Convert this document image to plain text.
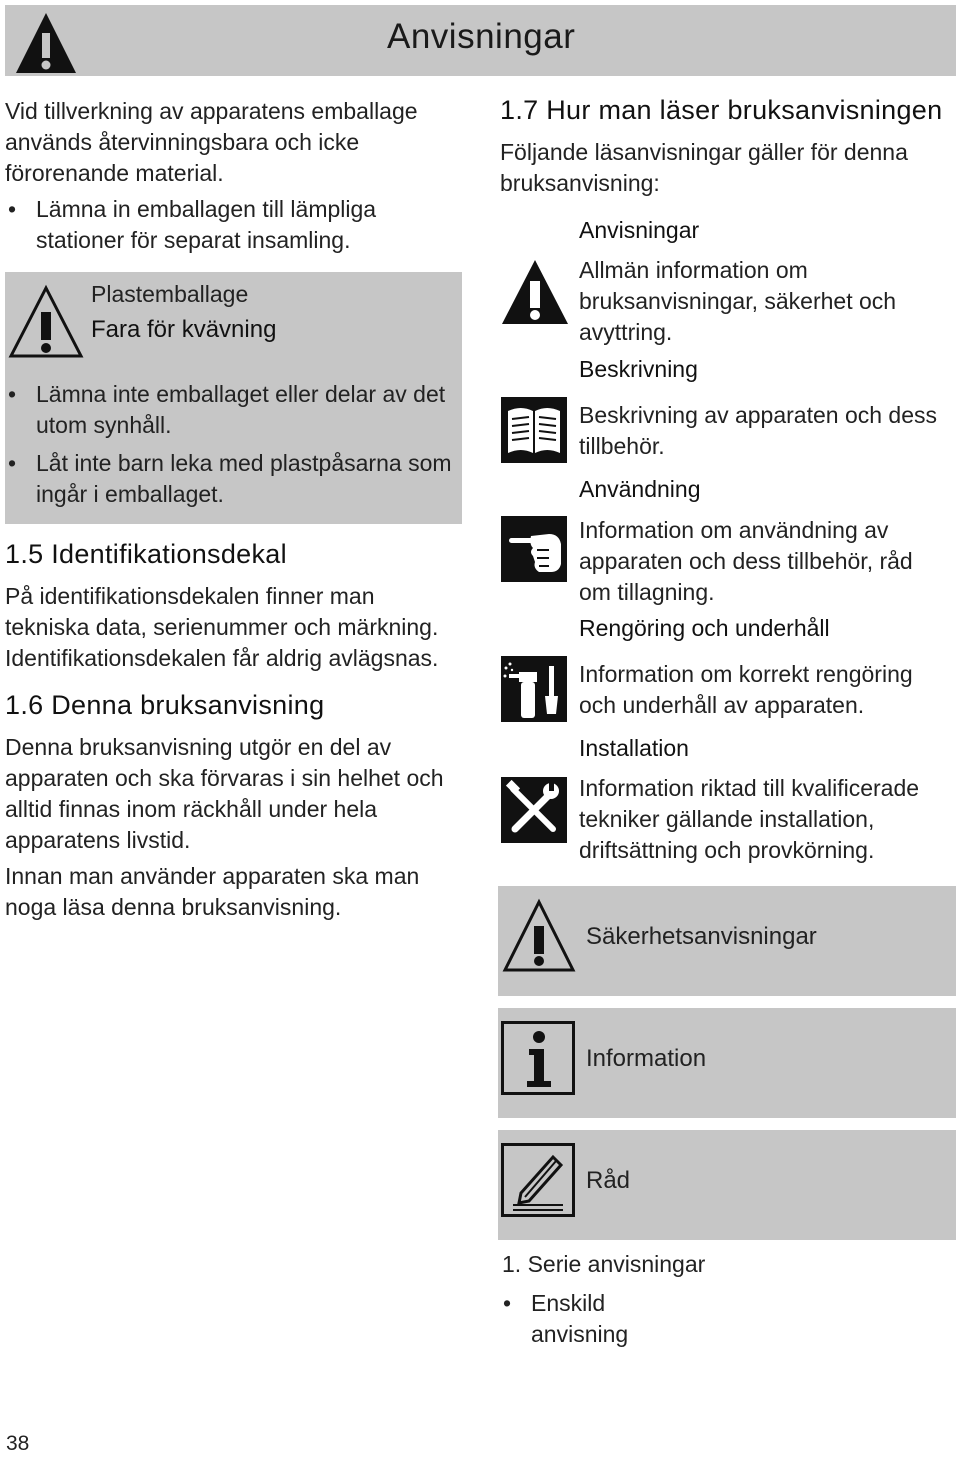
Anvisningar
Vid tillverkning av apparatens emballage
används återvinningsbara och icke
förorenande material.
• Lämna in emballagen till lämpliga
stationer för separat insamling.
Plastemballage
Fara för kvävning
• Lämna inte emballaget eller delar av det
utom synhåll.
• Låt inte barn leka med plastpåsarna som
ingår i emballaget.
1.5 Identifikationsdekal
På identifikationsdekalen finner man
tekniska data, serienummer och märkning.
Identifikationsdekalen får aldrig avlägsnas.
1.6 Denna bruksanvisning
Denna bruksanvisning utgör en del av
apparaten och ska förvaras i sin helhet och
alltid finnas inom räckhåll under hela
apparatens livstid.
Innan man använder apparaten ska man
noga läsa denna bruksanvisning.
1.7 Hur man läser bruksanvisningen
Följande läsanvisningar gäller för denna
bruksanvisning:
Anvisningar
Allmän information om
bruksanvisningar, säkerhet och
avyttring.
Beskrivning
Beskrivning av apparaten och dess
tillbehör.
Användning
Information om användning av
apparaten och dess tillbehör, råd
om tillagning.
Rengöring och underhåll
Information om korrekt rengöring
och underhåll av apparaten.
Installation
Information riktad till kvalificerade
tekniker gällande installation,
driftsättning och provkörning.
Säkerhetsanvisningar
Information
Råd
1. Serie anvisningar
• Enskild anvisning
38
